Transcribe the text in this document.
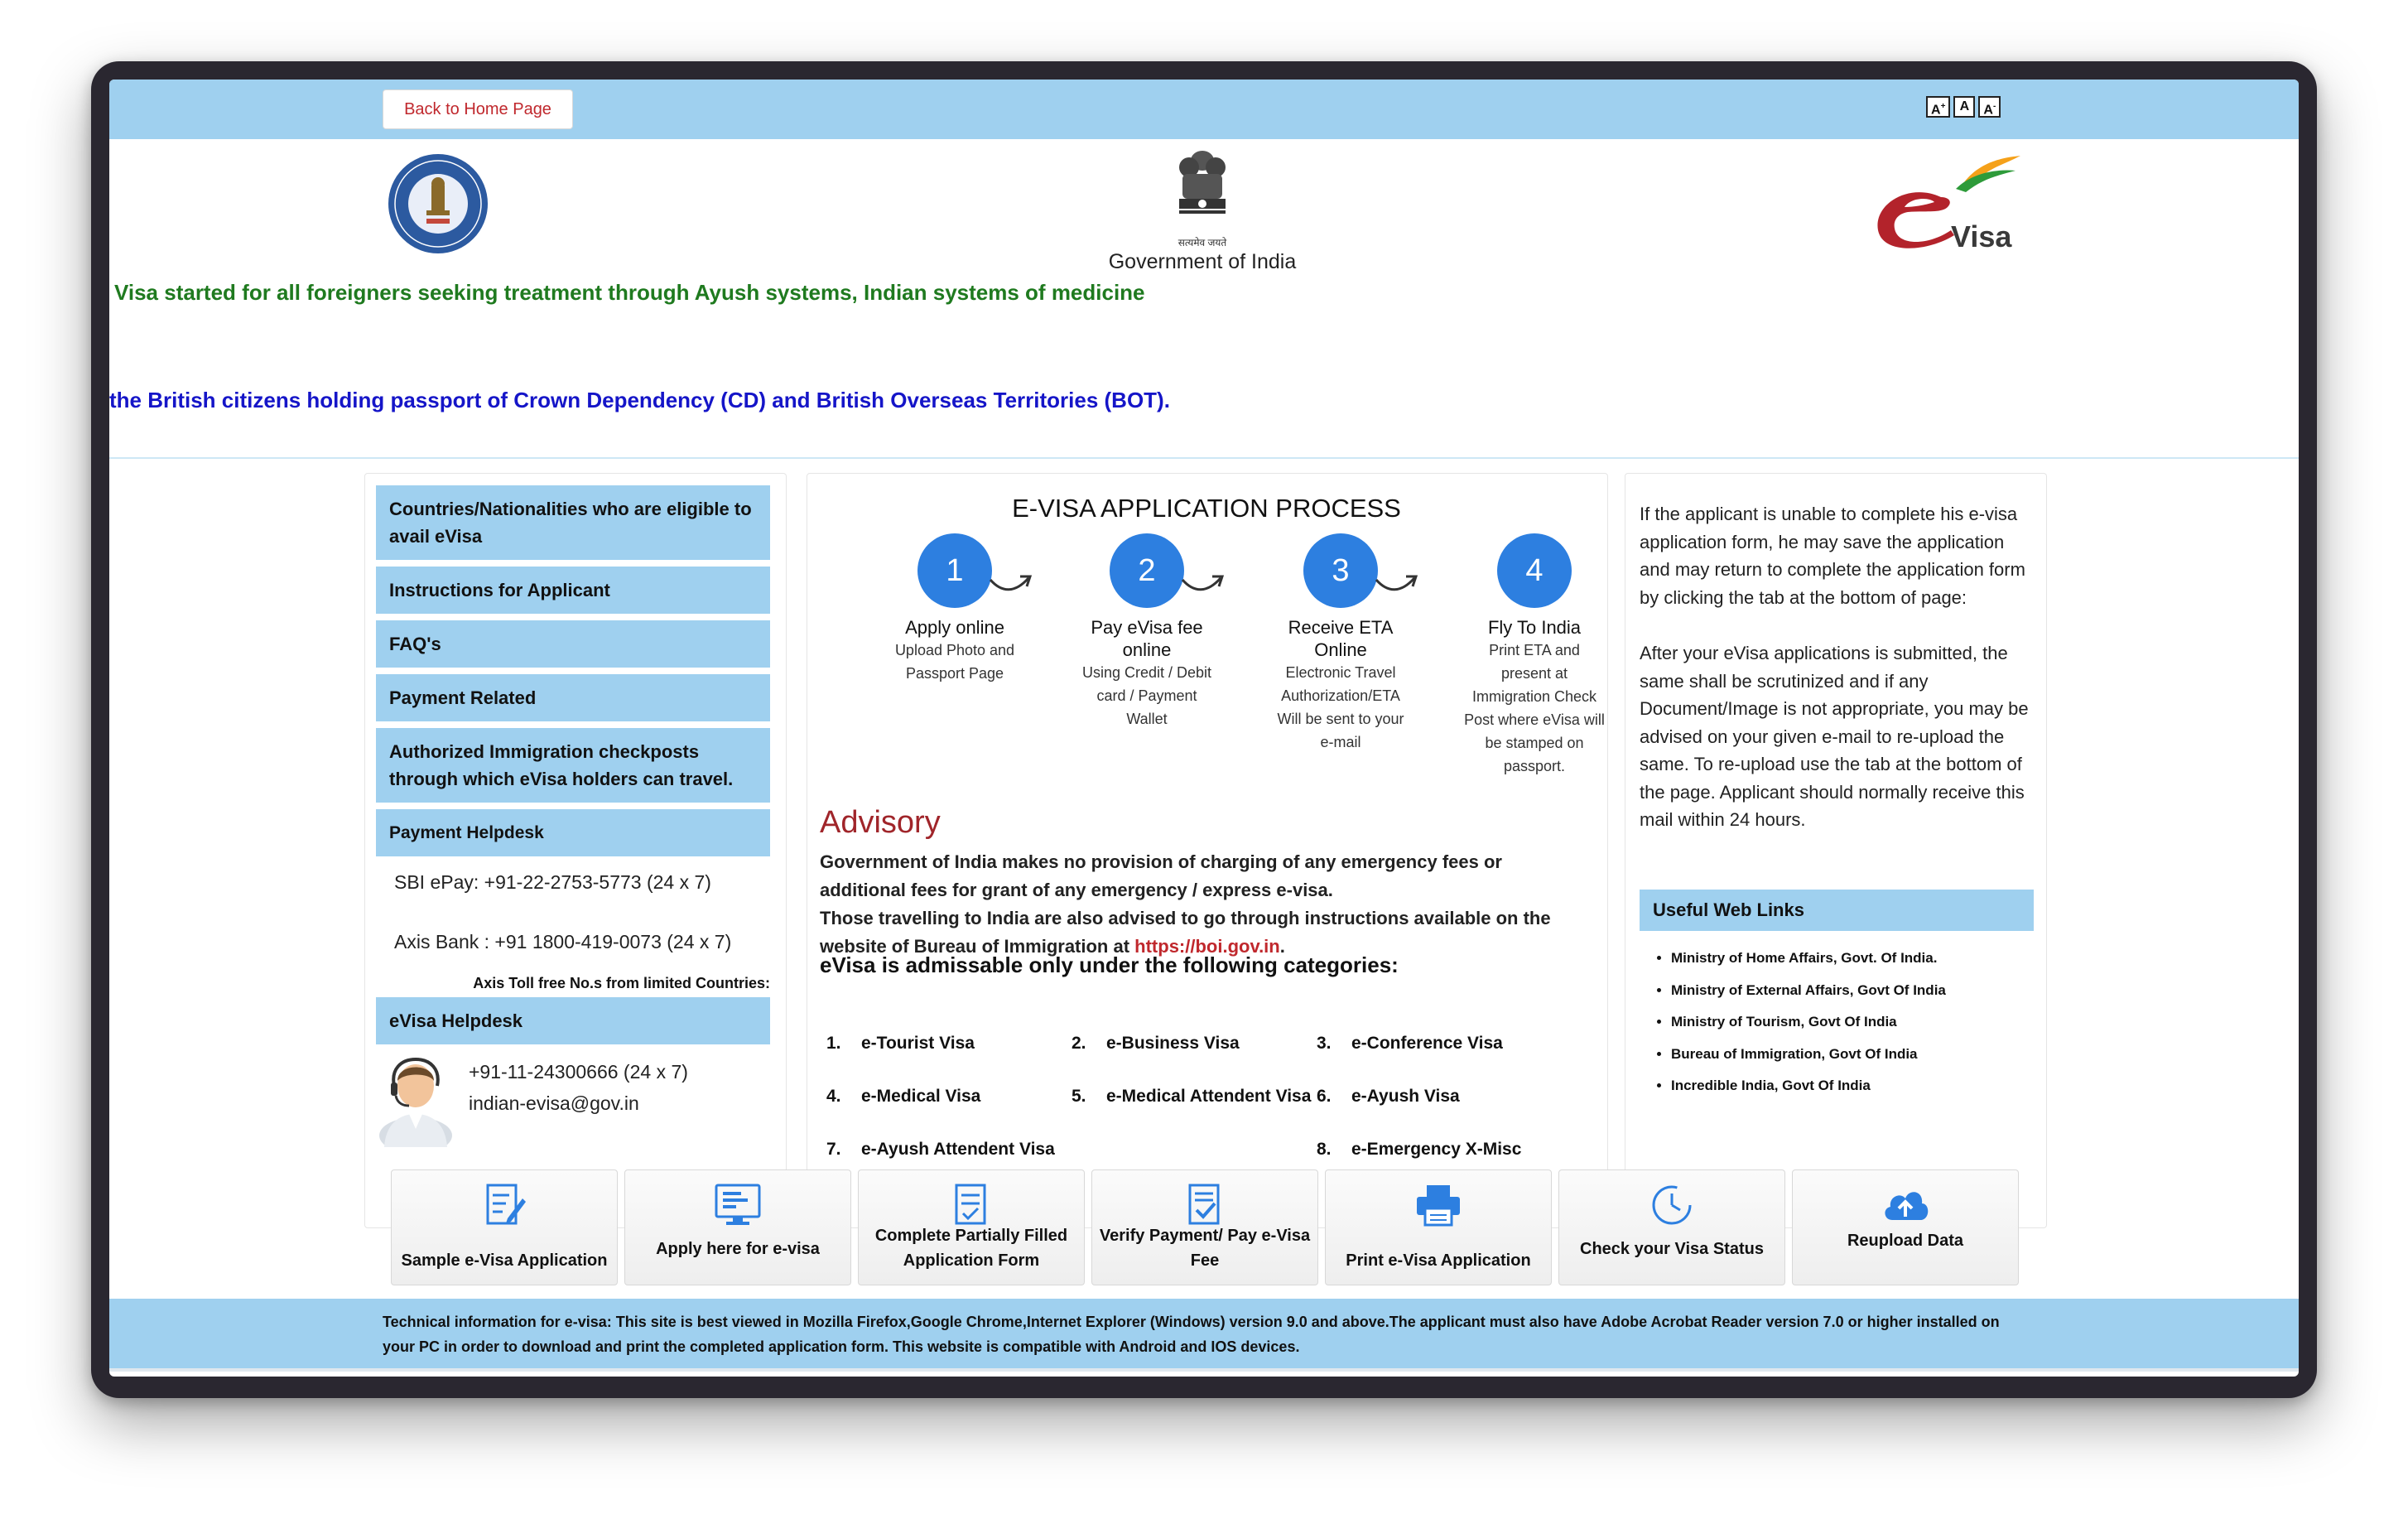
Back to Home Page	A+	A	A-
सत्यमेव जयते
Government of India
Visa
Visa started for all foreigners seeking treatment through Ayush systems, Indian systems of medicine
the British citizens holding passport of Crown Dependency (CD) and British Overseas Territories (BOT).
Countries/Nationalities who are eligible to avail eVisa
Instructions for Applicant
FAQ's
Payment Related
Authorized Immigration checkposts through which eVisa holders can travel.
Payment Helpdesk
SBI ePay: +91-22-2753-5773 (24 x 7)
Axis Bank : +91 1800-419-0073 (24 x 7)
Axis Toll free No.s from limited Countries:
eVisa Helpdesk
+91-11-24300666 (24 x 7)
indian-evisa@gov.in
E-VISA APPLICATION PROCESS
1
Apply online
Upload Photo and Passport Page
2
Pay eVisa fee online
Using Credit / Debit card / Payment Wallet
3
Receive ETA Online
Electronic Travel Authorization/ETA Will be sent to your e-mail
4
Fly To India
Print ETA and present at Immigration Check Post where eVisa will be stamped on passport.
Advisory
Government of India makes no provision of charging of any emergency fees or additional fees for grant of any emergency / express e-visa.
Those travelling to India are also advised to go through instructions available on the website of Bureau of Immigration at https://boi.gov.in.
eVisa is admissable only under the following categories:
1. e-Tourist Visa	2. e-Business Visa	3. e-Conference Visa
4. e-Medical Visa	5. e-Medical Attendent Visa 6. e-Ayush Visa
7. e-Ayush Attendent Visa	8. e-Emergency X-Misc
If the applicant is unable to complete his e-visa application form, he may save the application and may return to complete the application form by clicking the tab at the bottom of page:
After your eVisa applications is submitted, the same shall be scrutinized and if any Document/Image is not appropriate, you may be advised on your given e-mail to re-upload the same. To re-upload use the tab at the bottom of the page. Applicant should normally receive this mail within 24 hours.
Useful Web Links
• Ministry of Home Affairs, Govt. Of India.
• Ministry of External Affairs, Govt Of India
• Ministry of Tourism, Govt Of India
• Bureau of Immigration, Govt Of India
• Incredible India, Govt Of India
Sample e-Visa Application
Apply here for e-visa
Complete Partially Filled Application Form
Verify Payment/ Pay e-Visa Fee	Print e-Visa Application
Check your Visa Status	Reupload Data
Technical information for e-visa: This site is best viewed in Mozilla Firefox,Google Chrome,Internet Explorer (Windows) version 9.0 and above.The applicant must also have Adobe Acrobat Reader version 7.0 or higher installed on your PC in order to download and print the completed application form. This website is compatible with Android and IOS devices.
